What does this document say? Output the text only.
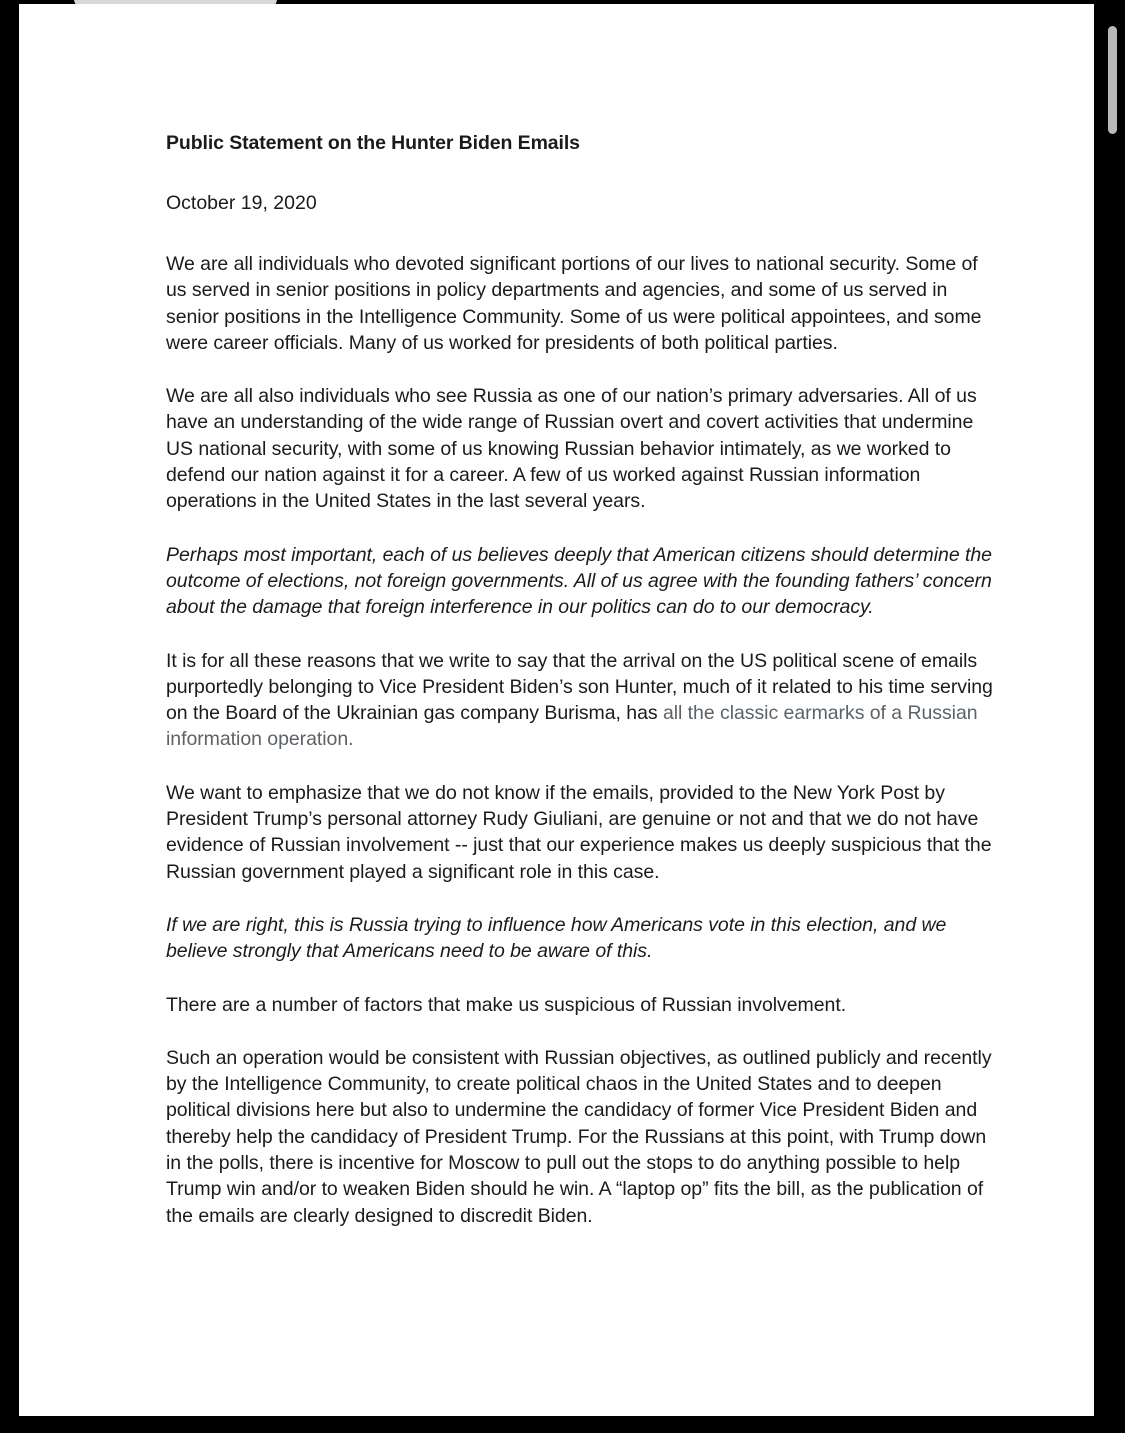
Public Statement on the Hunter Biden Emails
October 19, 2020

We are all individuals who devoted significant portions of our lives to national security. Some of us served in senior positions in policy departments and agencies, and some of us served in senior positions in the Intelligence Community. Some of us were political appointees, and some were career officials. Many of us worked for presidents of both political parties.

We are all also individuals who see Russia as one of our nation’s primary adversaries. All of us have an understanding of the wide range of Russian overt and covert activities that undermine US national security, with some of us knowing Russian behavior intimately, as we worked to defend our nation against it for a career. A few of us worked against Russian information operations in the United States in the last several years.

Perhaps most important, each of us believes deeply that American citizens should determine the outcome of elections, not foreign governments. All of us agree with the founding fathers’ concern about the damage that foreign interference in our politics can do to our democracy.

It is for all these reasons that we write to say that the arrival on the US political scene of emails purportedly belonging to Vice President Biden’s son Hunter, much of it related to his time serving on the Board of the Ukrainian gas company Burisma, has all the classic earmarks of a Russian information operation.

We want to emphasize that we do not know if the emails, provided to the New York Post by President Trump’s personal attorney Rudy Giuliani, are genuine or not and that we do not have evidence of Russian involvement -- just that our experience makes us deeply suspicious that the Russian government played a significant role in this case.

If we are right, this is Russia trying to influence how Americans vote in this election, and we believe strongly that Americans need to be aware of this.

There are a number of factors that make us suspicious of Russian involvement.

Such an operation would be consistent with Russian objectives, as outlined publicly and recently by the Intelligence Community, to create political chaos in the United States and to deepen political divisions here but also to undermine the candidacy of former Vice President Biden and thereby help the candidacy of President Trump. For the Russians at this point, with Trump down in the polls, there is incentive for Moscow to pull out the stops to do anything possible to help Trump win and/or to weaken Biden should he win. A “laptop op” fits the bill, as the publication of the emails are clearly designed to discredit Biden.
